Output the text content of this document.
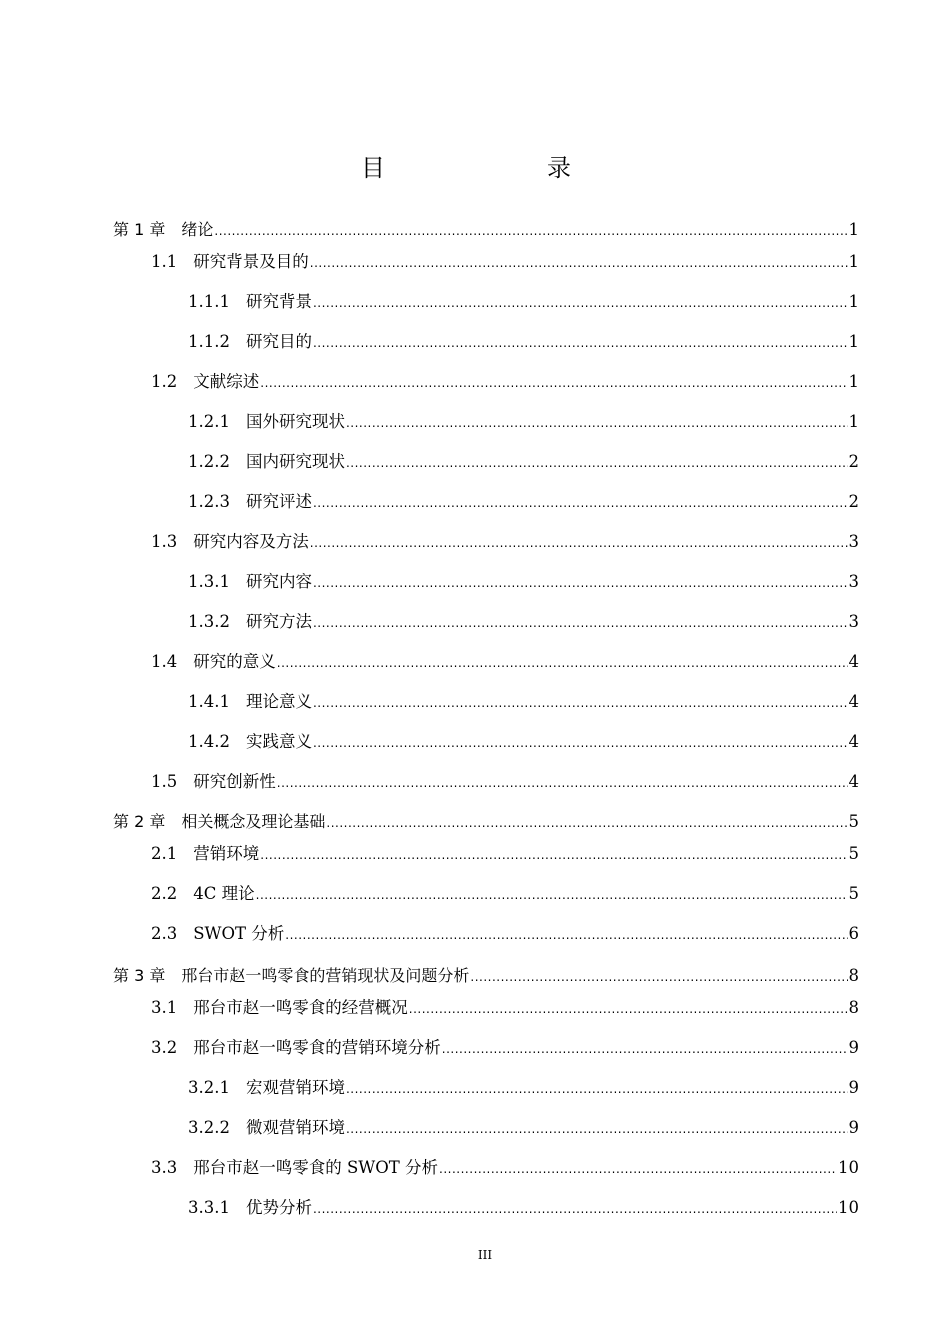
目　　录
第 1 章 绪论 .....	1
1.1 研究背景及目的 .....	1
1.1.1 研究背景 .....	1
1.1.2 研究目的 .....	1
1.2 文献综述 .....	1
1.2.1 国外研究现状 .....	1
1.2.2 国内研究现状 .....	2
1.2.3 研究评述 .....	2
1.3 研究内容及方法 .....	3
1.3.1 研究内容 .....	3
1.3.2 研究方法 .....	3
1.4 研究的意义 .....	4
1.4.1 理论意义 .....	4
1.4.2 实践意义 .....	4
1.5 研究创新性 .....	4
第 2 章 相关概念及理论基础 .....	5
2.1 营销环境 .....	5
2.2 4C 理论 .....	5
2.3 SWOT 分析 .....	6
第 3 章 邢台市赵一鸣零食的营销现状及问题分析 .....	8
3.1 邢台市赵一鸣零食的经营概况 .....	8
3.2 邢台市赵一鸣零食的营销环境分析 .....	9
3.2.1 宏观营销环境 .....	9
3.2.2 微观营销环境 .....	9
3.3 邢台市赵一鸣零食的 SWOT 分析 .....	10
3.3.1 优势分析 .....	10
III
